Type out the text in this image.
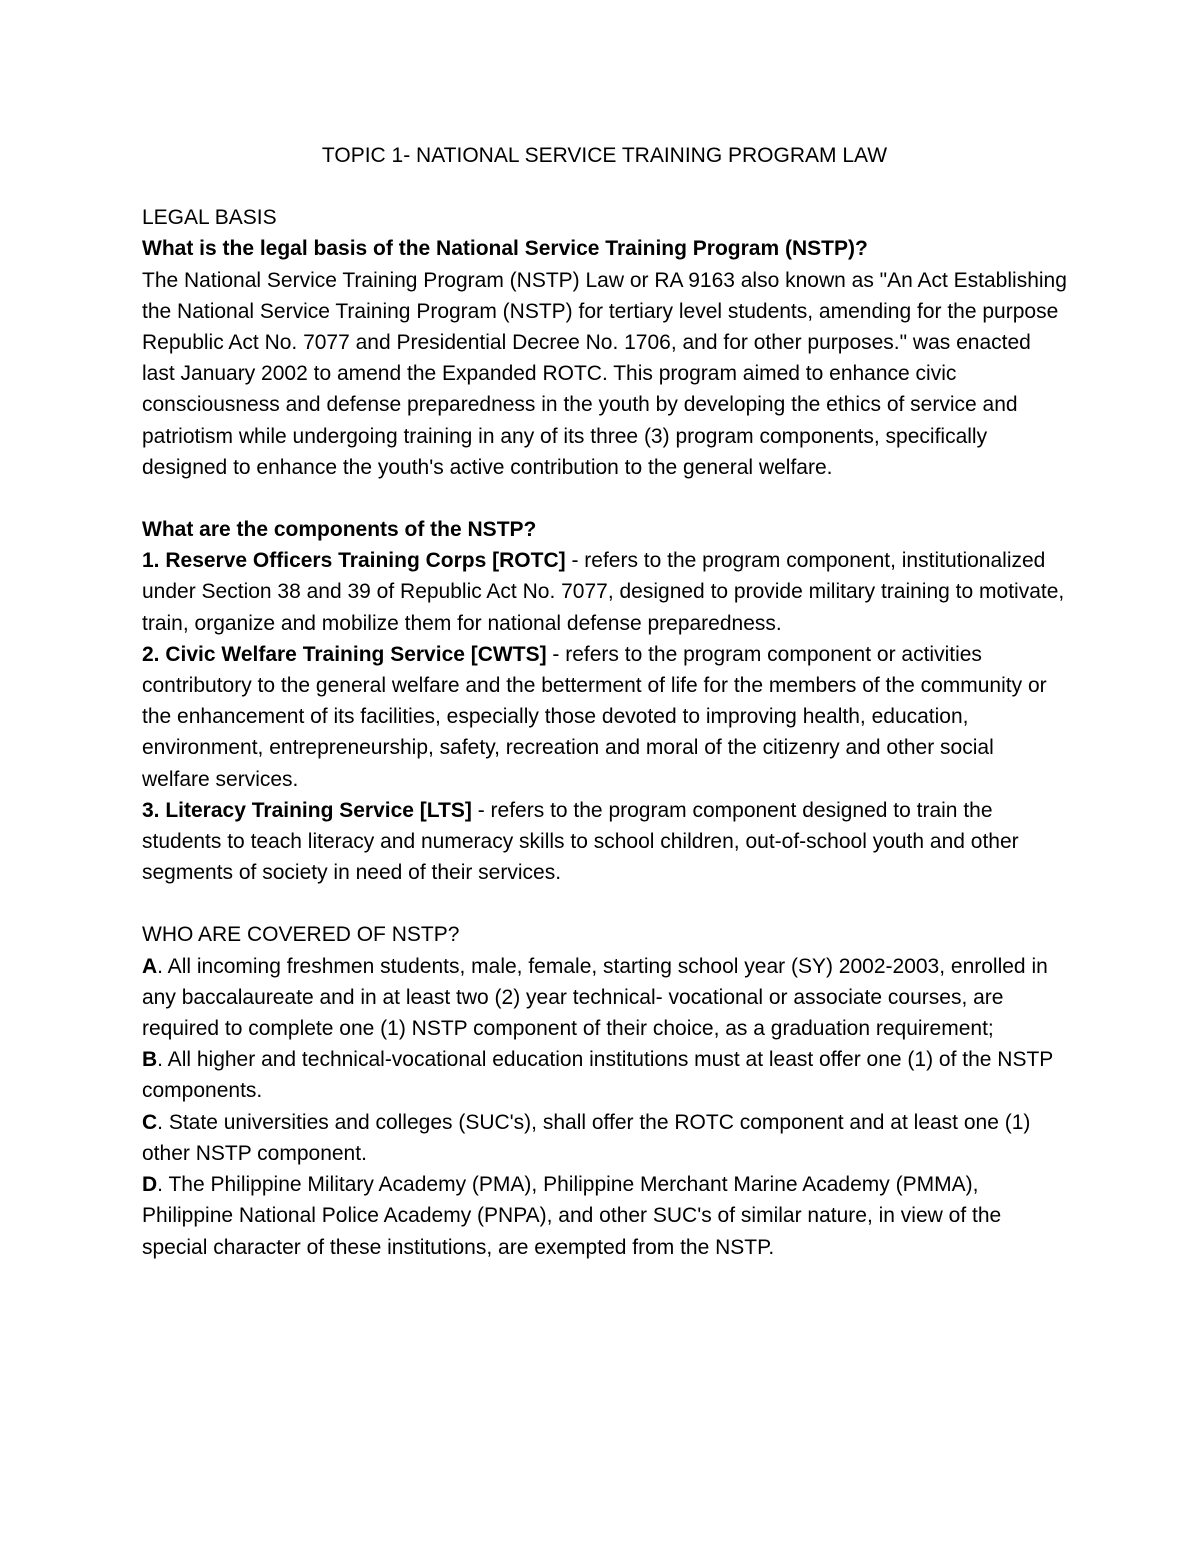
TOPIC 1- NATIONAL SERVICE TRAINING PROGRAM LAW

LEGAL BASIS

What is the legal basis of the National Service Training Program (NSTP)?

The National Service Training Program (NSTP) Law or RA 9163 also known as "An Act Establishing the National Service Training Program (NSTP) for tertiary level students, amending for the purpose Republic Act No. 7077 and Presidential Decree No. 1706, and for other purposes." was enacted last January 2002 to amend the Expanded ROTC. This program aimed to enhance civic consciousness and defense preparedness in the youth by developing the ethics of service and patriotism while undergoing training in any of its three (3) program components, specifically designed to enhance the youth's active contribution to the general welfare.

What are the components of the NSTP?

1. Reserve Officers Training Corps [ROTC] - refers to the program component, institutionalized under Section 38 and 39 of Republic Act No. 7077, designed to provide military training to motivate, train, organize and mobilize them for national defense preparedness.

2. Civic Welfare Training Service [CWTS] - refers to the program component or activities contributory to the general welfare and the betterment of life for the members of the community or the enhancement of its facilities, especially those devoted to improving health, education, environment, entrepreneurship, safety, recreation and moral of the citizenry and other social welfare services.

3. Literacy Training Service [LTS] - refers to the program component designed to train the students to teach literacy and numeracy skills to school children, out-of-school youth and other segments of society in need of their services.

WHO ARE COVERED OF NSTP?

A. All incoming freshmen students, male, female, starting school year (SY) 2002-2003, enrolled in any baccalaureate and in at least two (2) year technical- vocational or associate courses, are required to complete one (1) NSTP component of their choice, as a graduation requirement;

B. All higher and technical-vocational education institutions must at least offer one (1) of the NSTP components.

C. State universities and colleges (SUC's), shall offer the ROTC component and at least one (1) other NSTP component.

D. The Philippine Military Academy (PMA), Philippine Merchant Marine Academy (PMMA), Philippine National Police Academy (PNPA), and other SUC's of similar nature, in view of the special character of these institutions, are exempted from the NSTP.
